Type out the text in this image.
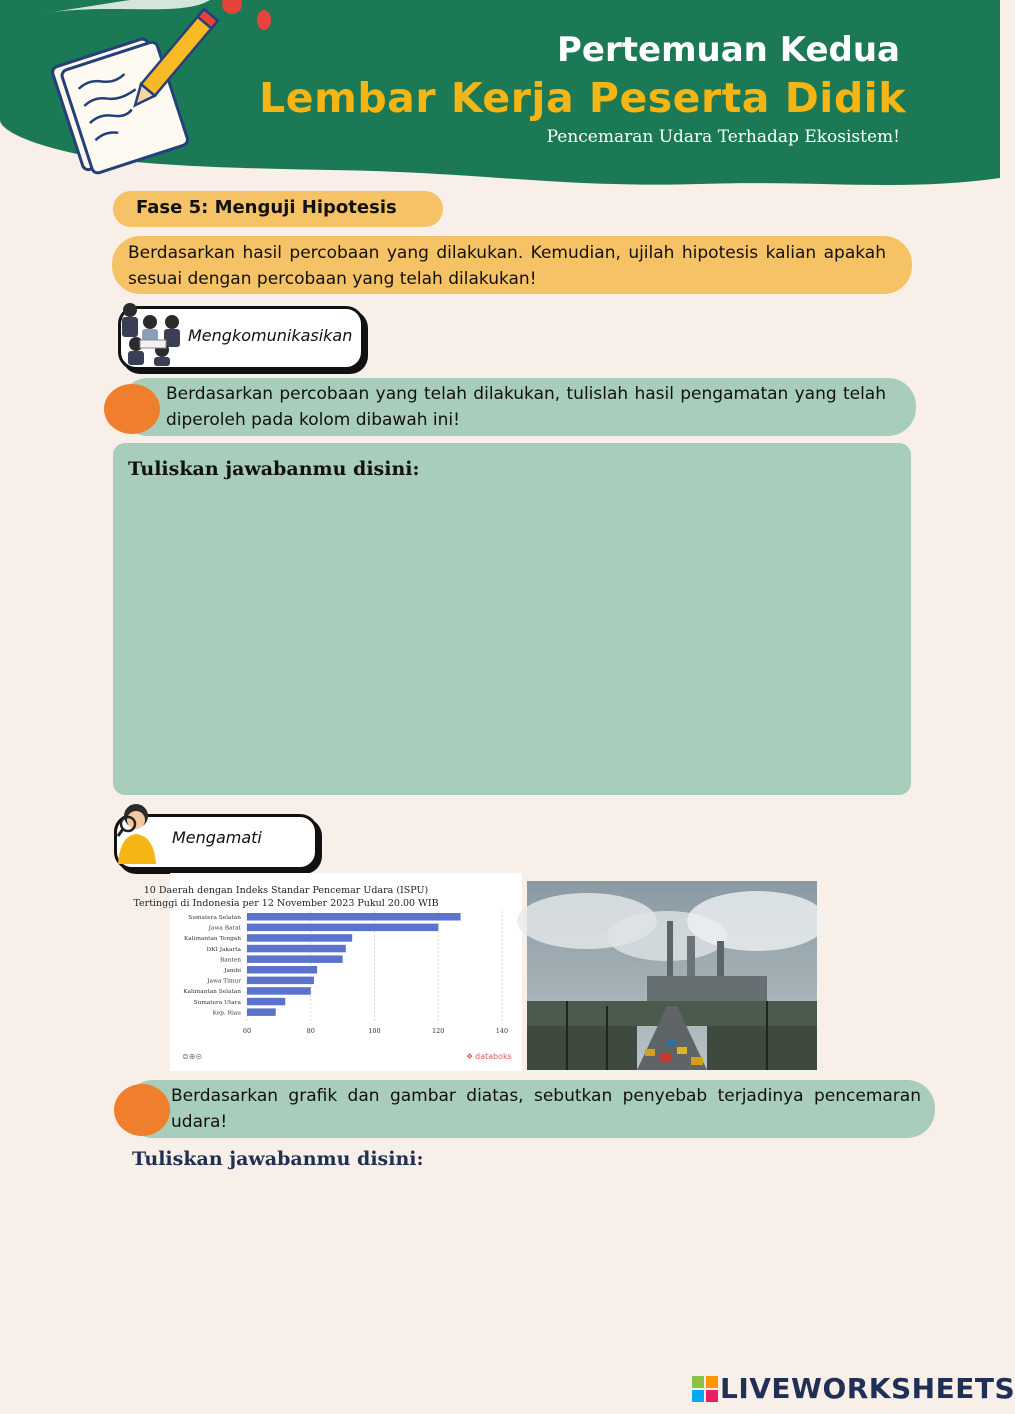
Pertemuan Kedua
Lembar Kerja Peserta Didik
Pencemaran Udara Terhadap Ekosistem!
Fase 5: Menguji Hipotesis
Berdasarkan hasil percobaan yang dilakukan. Kemudian, ujilah hipotesis kalian apakah sesuai dengan percobaan yang telah dilakukan!
Mengkomunikasikan
Berdasarkan percobaan yang telah dilakukan, tulislah hasil pengamatan yang telah diperoleh pada kolom dibawah ini!
Tuliskan jawabanmu disini:
Mengamati
10 Daerah dengan Indeks Standar Pencemar Udara (ISPU)
Tertinggi di Indonesia per 12 November 2023 Pukul 20.00 WIB
Sumatera Selatan
Jawa Barat
Kalimantan Tengah
DKI Jakarta
Banten
Jambi
Jawa Timur
Kalimantan Selatan
Sumatera Utara
Kep. Riau
60	80	100	120	140
⊜⊕⊝	❖ databoks
Berdasarkan grafik dan gambar diatas, sebutkan penyebab terjadinya pencemaran udara!
Tuliskan jawabanmu disini:
LIVEWORKSHEETS
